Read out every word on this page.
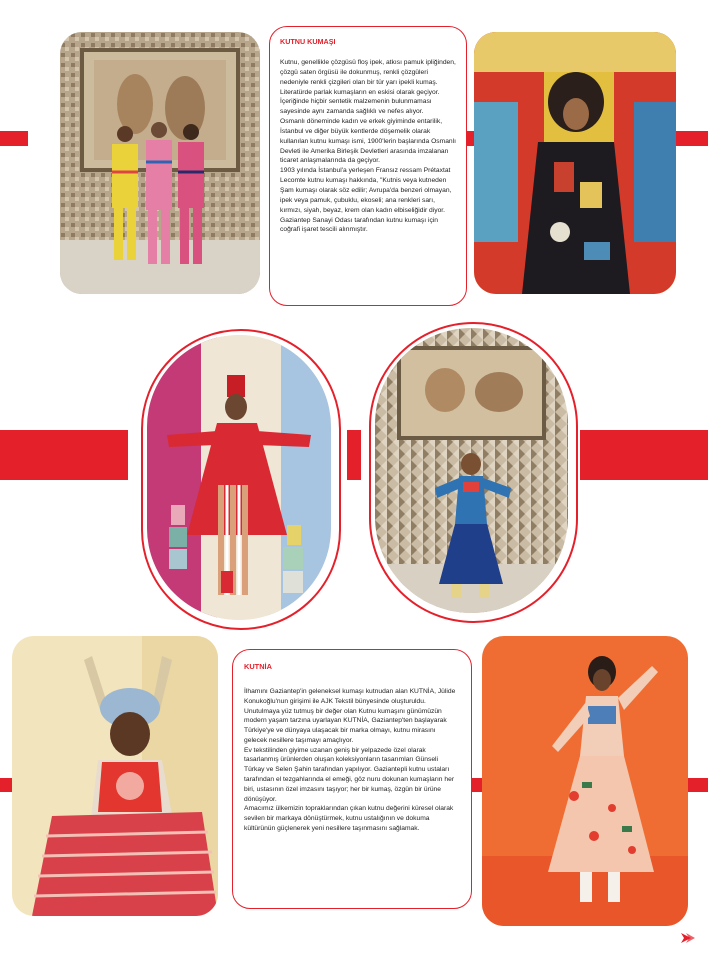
KUTNU KUMAŞI

Kutnu, genellikle çözgüsü floş ipek, atkısı pamuk ipliğinden, çözgü saten örgüsü ile dokunmuş, renkli çözgüleri nedeniyle renkli çizgileri olan bir tür yarı ipekli kumaş.
Literatürde parlak kumaşların en eskisi olarak geçiyor. İçeriğinde hiçbir sentetik malzemenin bulunmaması sayesinde aynı zamanda sağlıklı ve nefes alıyor.
Osmanlı döneminde kadın ve erkek giyiminde entarilik, İstanbul ve diğer büyük kentlerde döşemelik olarak kullanılan kutnu kumaşı ismi, 1900'lerin başlarında Osmanlı Devleti ile Amerika Birleşik Devletleri arasında imzalanan ticaret anlaşmalarında da geçiyor.
1903 yılında İstanbul'a yerleşen Fransız ressam Prétaxtat Lecomte kutnu kumaşı hakkında, "Kutnis veya kutneden Şam kumaşı olarak söz edilir; Avrupa'da benzeri olmayan, ipek veya pamuk, çubuklu, ekoseli; ana renkleri sarı, kırmızı, siyah, beyaz, krem olan kadın elbiseliğidir diyor.
Gaziantep Sanayi Odası tarafından kutnu kumaşı için coğrafi işaret tescili alınmıştır.

KUTNİA

İlhamını Gaziantep'in geleneksel kumaşı kutnudan alan KUTNİA, Jülide Konukoğlu'nun girişimi ile AJK Tekstil bünyesinde oluşturuldu. Unutulmaya yüz tutmuş bir değer olan Kutnu kumaşını günümüzün modern yaşam tarzına uyarlayan KUTNİA, Gaziantep'ten başlayarak Türkiye'ye ve dünyaya ulaşacak bir marka olmayı, kutnu mirasını gelecek nesillere taşımayı amaçlıyor.
Ev tekstilinden giyime uzanan geniş bir yelpazede özel olarak tasarlanmış ürünlerden oluşan koleksiyonların tasarımları Günseli Türkay ve Selen Şahin tarafından yapılıyor. Gaziantepli kutnu ustaları tarafından el tezgahlarında el emeği, göz nuru dokunan kumaşların her biri, ustasının özel imzasını taşıyor; her bir kumaş, özgün bir ürüne dönüşüyor.
Amacımız ülkemizin topraklarından çıkan kutnu değerini küresel olarak sevilen bir markaya dönüştürmek, kutnu ustalığının ve dokuma kültürünün güçlenerek yeni nesillere taşınmasını sağlamak.
